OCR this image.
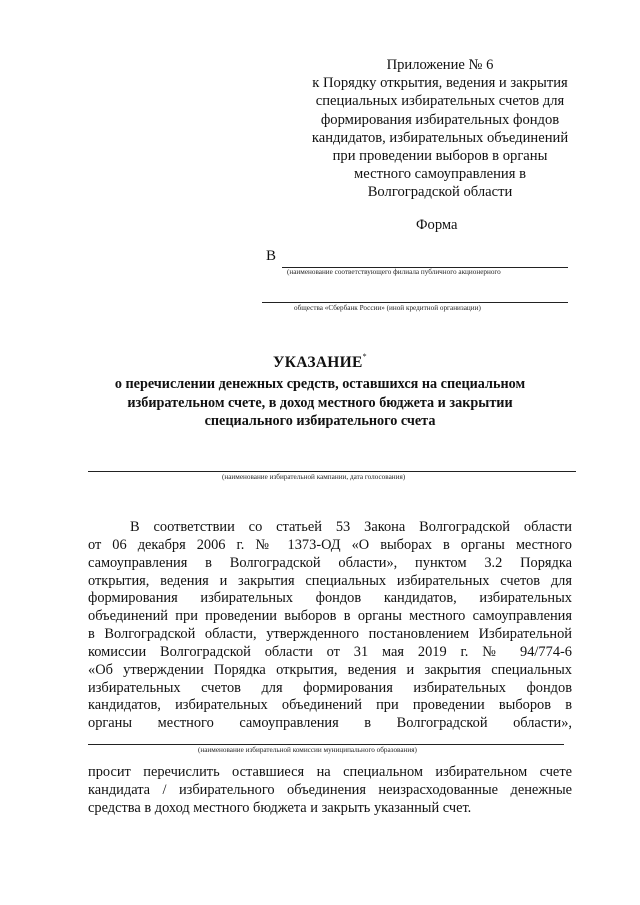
Приложение № 6
к Порядку открытия, ведения и закрытия
специальных избирательных счетов для
формирования избирательных фондов
кандидатов, избирательных объединений
при проведении выборов в органы
местного самоуправления в
Волгоградской области
Форма
В
(наименование соответствующего филиала публичного акционерного
общества «Сбербанк России» (иной кредитной организации)
УКАЗАНИЕ*
о перечислении денежных средств, оставшихся на специальном
избирательном счете, в доход местного бюджета и закрытии
специального избирательного счета
(наименование избирательной кампании, дата голосования)
В соответствии со статьей 53 Закона Волгоградской области
от 06 декабря 2006 г. № 1373-ОД «О выборах в органы местного
самоуправления в Волгоградской области», пунктом 3.2 Порядка
открытия, ведения и закрытия специальных избирательных счетов для
формирования избирательных фондов кандидатов, избирательных
объединений при проведении выборов в органы местного самоуправления
в Волгоградской области, утвержденного постановлением Избирательной
комиссии Волгоградской области от 31 мая 2019 г. № 94/774-6
«Об утверждении Порядка открытия, ведения и закрытия специальных
избирательных счетов для формирования избирательных фондов
кандидатов, избирательных объединений при проведении выборов в
органы местного самоуправления в Волгоградской области»,
(наименование избирательной комиссии муниципального образования)
просит перечислить оставшиеся на специальном избирательном счете
кандидата / избирательного объединения неизрасходованные денежные
средства в доход местного бюджета и закрыть указанный счет.
